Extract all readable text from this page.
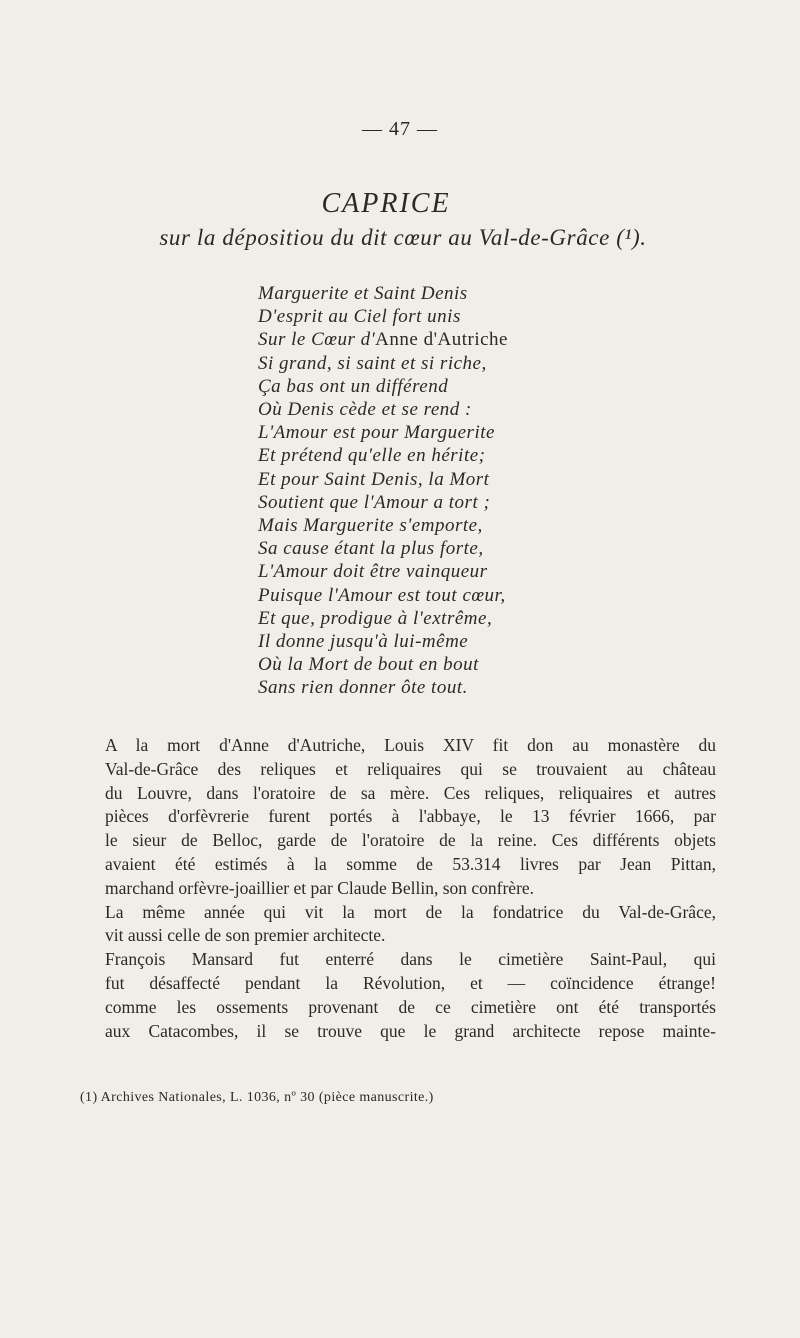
— 47 —
CAPRICE
sur la dépositiou du dit cœur au Val-de-Grâce (¹).
Marguerite et Saint Denis
D'esprit au Ciel fort unis
Sur le Cœur d'Anne d'Autriche
Si grand, si saint et si riche,
Ça bas ont un différend
Où Denis cède et se rend :
L'Amour est pour Marguerite
Et prétend qu'elle en hérite;
Et pour Saint Denis, la Mort
Soutient que l'Amour a tort ;
Mais Marguerite s'emporte,
Sa cause étant la plus forte,
L'Amour doit être vainqueur
Puisque l'Amour est tout cœur,
Et que, prodigue à l'extrême,
Il donne jusqu'à lui-même
Où la Mort de bout en bout
Sans rien donner ôte tout.

A la mort d'Anne d'Autriche, Louis XIV fit don au monastère du
Val-de-Grâce des reliques et reliquaires qui se trouvaient au château
du Louvre, dans l'oratoire de sa mère. Ces reliques, reliquaires et autres
pièces d'orfèvrerie furent portés à l'abbaye, le 13 février 1666, par
le sieur de Belloc, garde de l'oratoire de la reine. Ces différents objets
avaient été estimés à la somme de 53.314 livres par Jean Pittan,
marchand orfèvre-joaillier et par Claude Bellin, son confrère.

La même année qui vit la mort de la fondatrice du Val-de-Grâce,
vit aussi celle de son premier architecte.

François Mansard fut enterré dans le cimetière Saint-Paul, qui
fut désaffecté pendant la Révolution, et — coïncidence étrange!
comme les ossements provenant de ce cimetière ont été transportés
aux Catacombes, il se trouve que le grand architecte repose mainte-

(1) Archives Nationales, L. 1036, nº 30 (pièce manuscrite.)
